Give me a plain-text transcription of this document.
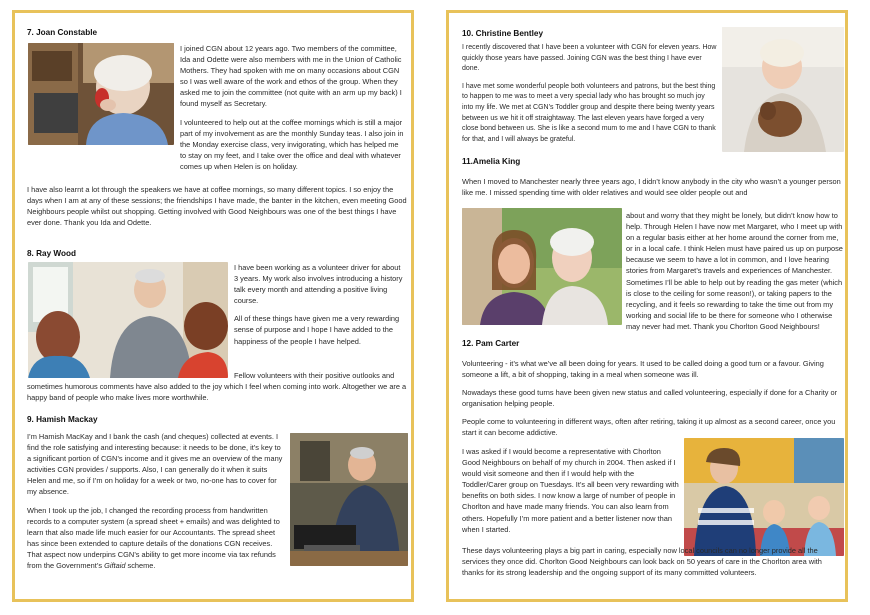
7. Joan Constable

I joined CGN about 12 years ago. Two members of the committee, Ida and Odette were also members with me in the Union of Catholic Mothers. They had spoken with me on many occasions about CGN so I was well aware of the work and ethos of the group. When they asked me to join the committee (not quite with an arm up my back) I found myself as Secretary.

I volunteered to help out at the coffee mornings which is still a major part of my involvement as are the monthly Sunday teas. I also join in the Monday exercise class, very invigorating, which has helped me to stay on my feet, and I take over the office and deal with whatever comes up when Helen is on holiday.

I have also learnt a lot through the speakers we have at coffee mornings, so many different topics. I so enjoy the days when I am at any of these sessions; the friendships I have made, the banter in the kitchen, even meeting Good Neighbours people whilst out shopping. Getting involved with Good Neighbours was one of the best things I have ever done. Thank you Ida and Odette.
8. Ray Wood

I have been working as a volunteer driver for about 3 years. My work also involves introducing a history talk every month and attending a positive living course.

All of these things have given me a very rewarding sense of purpose and I hope I have added to the happiness of the people I have helped.

Fellow volunteers with their positive outlooks and sometimes humorous comments have also added to the joy which I feel when coming into work. Altogether we are a happy band of people who make lives more worthwhile.
9. Hamish Mackay

I’m Hamish MacKay and I bank the cash (and cheques) collected at events. I find the role satisfying and interesting because: it needs to be done, it’s key to a significant portion of CGN’s income and it gives me an overview of the many activities CGN provides / supports. Also, I can generally do it when it suits Helen and me, so if I’m on holiday for a week or two, no-one has to cover for my absence.

When I took up the job, I changed the recording process from handwritten records to a computer system (a spread sheet + emails) and was delighted to learn that also made life much easier for our Accountants. The spread sheet has since been extended to capture details of the donations CGN receives. That aspect now underpins CGN’s ability to get more income via tax refunds from the Government’s Giftaid scheme.

10. Christine Bentley

I recently discovered that I have been a volunteer with CGN for eleven years. How quickly those years have passed. Joining CGN was the best thing I have ever done.

I have met some wonderful people both volunteers and patrons, but the best thing to happen to me was to meet a very special lady who has brought so much joy into my life. We met at CGN’s Toddler group and despite there being twenty years between us we hit it off straightaway. The last eleven years have forged a very close bond between us. She is like a second mum to me and I have CGN to thank for that, and I will always be grateful.

11.Amelia King
When I moved to Manchester nearly three years ago, I didn’t know anybody in the city who wasn’t a younger person like me. I missed spending time with older relatives and would see older people out and
about and worry that they might be lonely, but didn’t know how to help. Through Helen I have now met Margaret, who I meet up with on a regular basis either at her home around the corner from me, or in a local cafe. I think Helen must have paired us up on purpose because we seem to have a lot in common, and I love hearing stories from Margaret’s travels and experiences of Manchester. Sometimes I’ll be able to help out by reading the gas meter (which is close to the ceiling for some reason!), or taking papers to the recycling, and it feels so rewarding to take the time out from my working and social life to be there for someone who I otherwise may never had met. Thank you Chorlton Good Neighbours!
12. Pam Carter

Volunteering - it’s what we’ve all been doing for years. It used to be called doing a good turn or a favour. Giving someone a lift, a bit of shopping, taking in a meal when someone was ill.

Nowadays these good turns have been given new status and called volunteering, especially if done for a Charity or organisation helping people.

People come to volunteering in different ways, often after retiring, taking it up almost as a second career, once you start it can become addictive.

I was asked if I would become a representative with Chorlton Good Neighbours on behalf of my church in 2004. Then asked if I would visit someone and then if I would help with the Toddler/Carer group on Tuesdays. It’s all been very rewarding with benefits on both sides. I now know a large of number of people in Chorlton and have made many friends. You can also learn from others. Hopefully I’m more patient and a better listener now than when I started.
These days volunteering plays a big part in caring, especially now local councils can no longer provide all the services they once did. Chorlton Good Neighbours can look back on 50 years of care in the Chorlton area with thanks for its strong leadership and the ongoing support of its many committed volunteers.
